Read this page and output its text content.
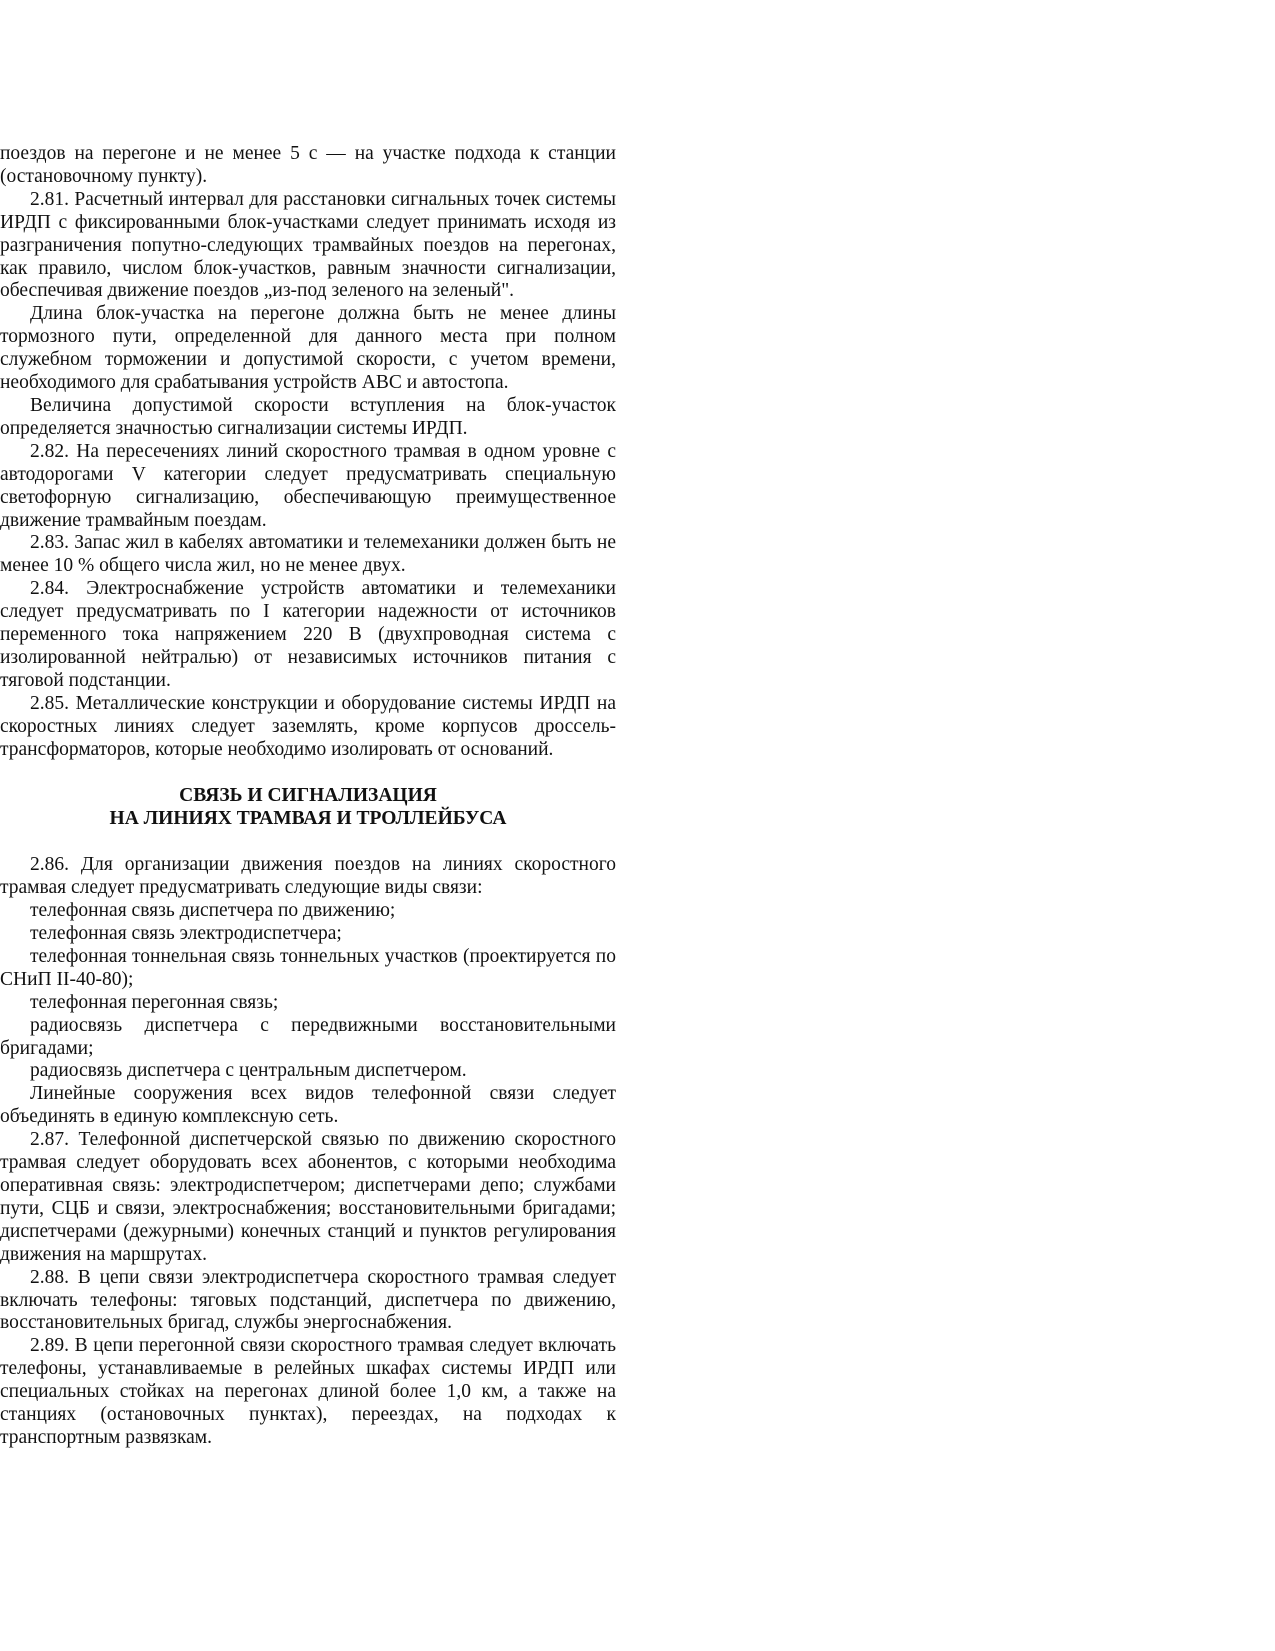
поездов на перегоне и не менее 5 с — на участке подхода к станции (остановочному пункту).

2.81. Расчетный интервал для расстановки сигнальных точек системы ИРДП с фиксированными блок-участками следует принимать исходя из разграничения попутно-следующих трамвайных поездов на перегонах, как правило, числом блок-участков, равным значности сигнализации, обеспечивая движение поездов „из-под зеленого на зеленый".

Длина блок-участка на перегоне должна быть не менее длины тормозного пути, определенной для данного места при полном служебном торможении и допустимой скорости, с учетом времени, необходимого для срабатывания устройств АВС и автостопа.

Величина допустимой скорости вступления на блок-участок определяется значностью сигнализации системы ИРДП.

2.82. На пересечениях линий скоростного трамвая в одном уровне с автодорогами V категории следует предусматривать специальную светофорную сигнализацию, обеспечивающую преимущественное движение трамвайным поездам.

2.83. Запас жил в кабелях автоматики и телемеханики должен быть не менее 10 % общего числа жил, но не менее двух.

2.84. Электроснабжение устройств автоматики и телемеханики следует предусматривать по I категории надежности от источников переменного тока напряжением 220 В (двухпроводная система с изолированной нейтралью) от независимых источников питания с тяговой подстанции.

2.85. Металлические конструкции и оборудование системы ИРДП на скоростных линиях следует заземлять, кроме корпусов дроссель-трансформаторов, которые необходимо изолировать от оснований.

СВЯЗЬ И СИГНАЛИЗАЦИЯ
НА ЛИНИЯХ ТРАМВАЯ И ТРОЛЛЕЙБУСА

2.86. Для организации движения поездов на линиях скоростного трамвая следует предусматривать следующие виды связи:

телефонная связь диспетчера по движению;

телефонная связь электродиспетчера;

телефонная тоннельная связь тоннельных участков (проектируется по СНиП II-40-80);

телефонная перегонная связь;

радиосвязь диспетчера с передвижными восстановительными бригадами;

радиосвязь диспетчера с центральным диспетчером.

Линейные сооружения всех видов телефонной связи следует объединять в единую комплексную сеть.

2.87. Телефонной диспетчерской связью по движению скоростного трамвая следует оборудовать всех абонентов, с которыми необходима оперативная связь: электродиспетчером; диспетчерами депо; службами пути, СЦБ и связи, электроснабжения; восстановительными бригадами; диспетчерами (дежурными) конечных станций и пунктов регулирования движения на маршрутах.

2.88. В цепи связи электродиспетчера скоростного трамвая следует включать телефоны: тяговых подстанций, диспетчера по движению, восстановительных бригад, службы энергоснабжения.

2.89. В цепи перегонной связи скоростного трамвая следует включать телефоны, устанавливаемые в релейных шкафах системы ИРДП или специальных стойках на перегонах длиной более 1,0 км, а также на станциях (остановочных пунктах), переездах, на подходах к транспортным развязкам.
